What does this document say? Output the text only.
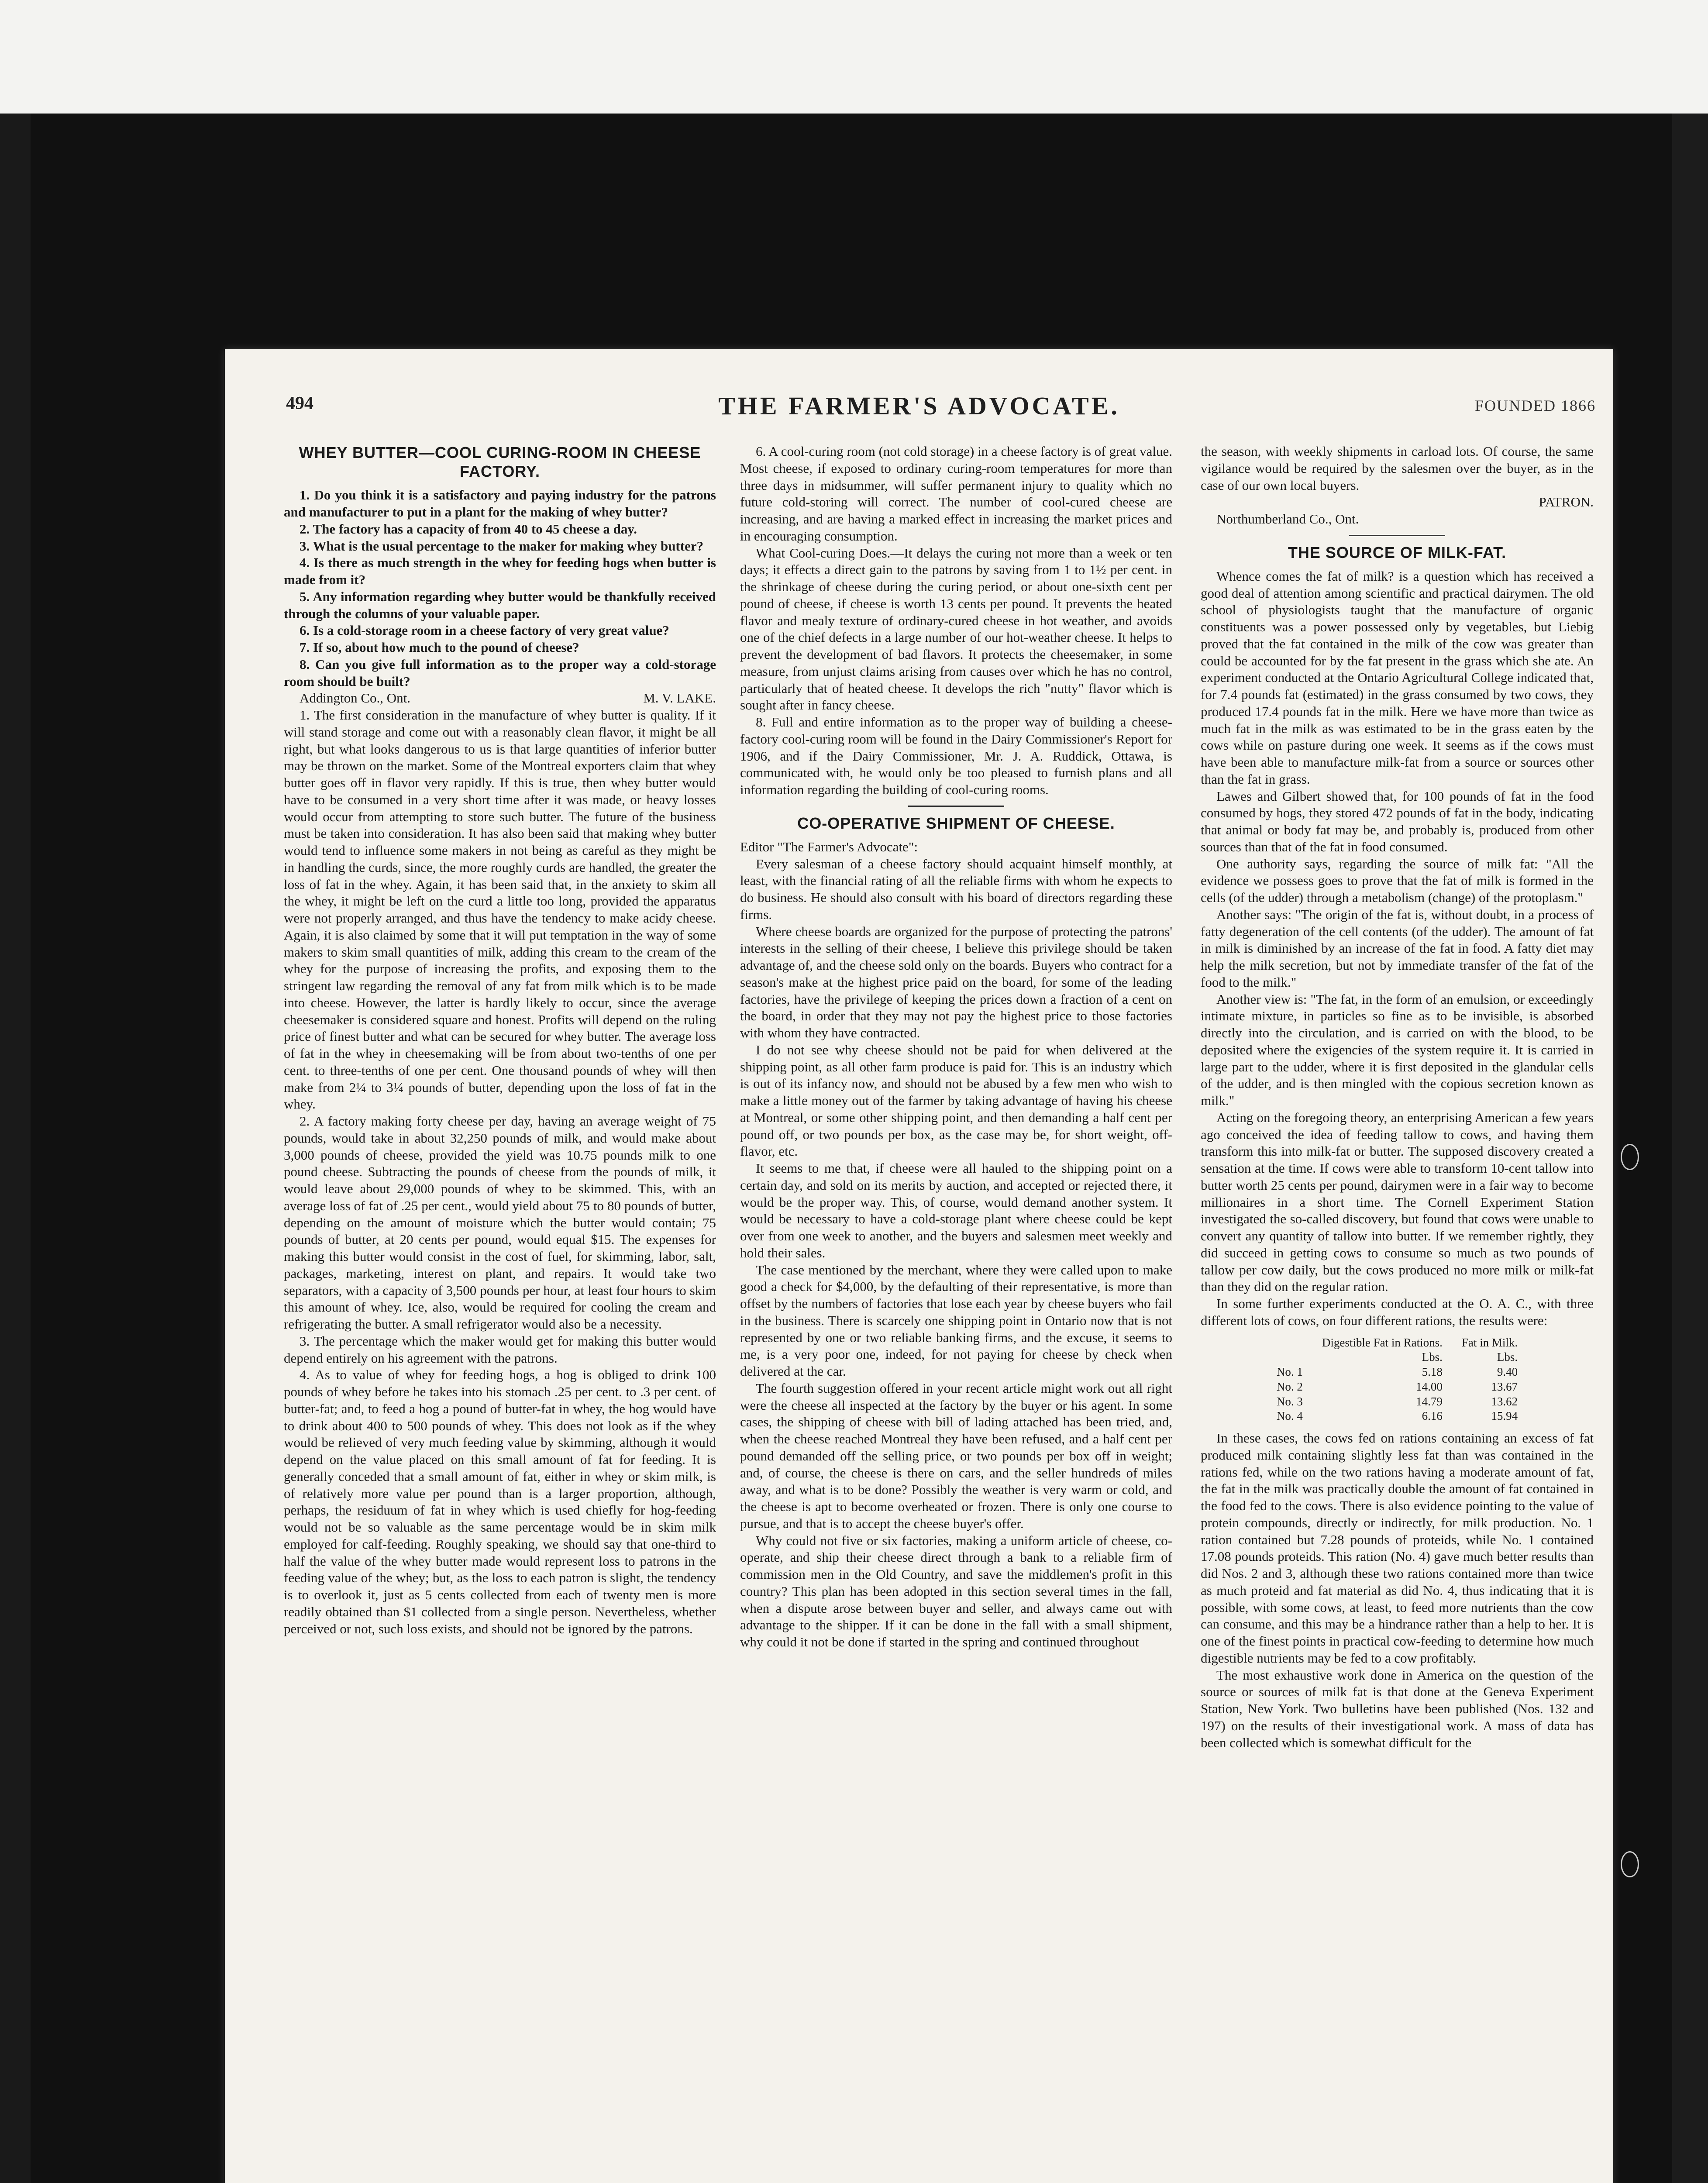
494	THE FARMER'S ADVOCATE.	FOUNDED 1866
WHEY BUTTER—COOL CURING-ROOM IN CHEESE FACTORY.

1. Do you think it is a satisfactory and paying industry for the patrons and manufacturer to put in a plant for the making of whey butter?

2. The factory has a capacity of from 40 to 45 cheese a day.

3. What is the usual percentage to the maker for making whey butter?

4. Is there as much strength in the whey for feeding hogs when butter is made from it?

5. Any information regarding whey butter would be thankfully received through the columns of your valuable paper.

6. Is a cold-storage room in a cheese factory of very great value?

7. If so, about how much to the pound of cheese?

8. Can you give full information as to the proper way a cold-storage room should be built?

Addington Co., Ont.	M. V. LAKE.

1. The first consideration in the manufacture of whey butter is quality. If it will stand storage and come out with a reasonably clean flavor, it might be all right, but what looks dangerous to us is that large quantities of inferior butter may be thrown on the market. Some of the Montreal exporters claim that whey butter goes off in flavor very rapidly. If this is true, then whey butter would have to be consumed in a very short time after it was made, or heavy losses would occur from attempting to store such butter. The future of the business must be taken into consideration. It has also been said that making whey butter would tend to influence some makers in not being as careful as they might be in handling the curds, since, the more roughly curds are handled, the greater the loss of fat in the whey. Again, it has been said that, in the anxiety to skim all the whey, it might be left on the curd a little too long, provided the apparatus were not properly arranged, and thus have the tendency to make acidy cheese. Again, it is also claimed by some that it will put temptation in the way of some makers to skim small quantities of milk, adding this cream to the cream of the whey for the purpose of increasing the profits, and exposing them to the stringent law regarding the removal of any fat from milk which is to be made into cheese. However, the latter is hardly likely to occur, since the average cheesemaker is considered square and honest. Profits will depend on the ruling price of finest butter and what can be secured for whey butter. The average loss of fat in the whey in cheesemaking will be from about two-tenths of one per cent. to three-tenths of one per cent. One thousand pounds of whey will then make from 2¼ to 3¼ pounds of butter, depending upon the loss of fat in the whey.

2. A factory making forty cheese per day, having an average weight of 75 pounds, would take in about 32,250 pounds of milk, and would make about 3,000 pounds of cheese, provided the yield was 10.75 pounds milk to one pound cheese. Subtracting the pounds of cheese from the pounds of milk, it would leave about 29,000 pounds of whey to be skimmed. This, with an average loss of fat of .25 per cent., would yield about 75 to 80 pounds of butter, depending on the amount of moisture which the butter would contain; 75 pounds of butter, at 20 cents per pound, would equal $15. The expenses for making this butter would consist in the cost of fuel, for skimming, labor, salt, packages, marketing, interest on plant, and repairs. It would take two separators, with a capacity of 3,500 pounds per hour, at least four hours to skim this amount of whey. Ice, also, would be required for cooling the cream and refrigerating the butter. A small refrigerator would also be a necessity.

3. The percentage which the maker would get for making this butter would depend entirely on his agreement with the patrons.

4. As to value of whey for feeding hogs, a hog is obliged to drink 100 pounds of whey before he takes into his stomach .25 per cent. to .3 per cent. of butter-fat; and, to feed a hog a pound of butter-fat in whey, the hog would have to drink about 400 to 500 pounds of whey. This does not look as if the whey would be relieved of very much feeding value by skimming, although it would depend on the value placed on this small amount of fat for feeding. It is generally conceded that a small amount of fat, either in whey or skim milk, is of relatively more value per pound than is a larger proportion, although, perhaps, the residuum of fat in whey which is used chiefly for hog-feeding would not be so valuable as the same percentage would be in skim milk employed for calf-feeding. Roughly speaking, we should say that one-third to half the value of the whey butter made would represent loss to patrons in the feeding value of the whey; but, as the loss to each patron is slight, the tendency is to overlook it, just as 5 cents collected from each of twenty men is more readily obtained than $1 collected from a single person. Nevertheless, whether perceived or not, such loss exists, and should not be ignored by the patrons.

6. A cool-curing room (not cold storage) in a cheese factory is of great value. Most cheese, if exposed to ordinary curing-room temperatures for more than three days in midsummer, will suffer permanent injury to quality which no future cold-storing will correct. The number of cool-cured cheese are increasing, and are having a marked effect in increasing the market prices and in encouraging consumption.

What Cool-curing Does.—It delays the curing not more than a week or ten days; it effects a direct gain to the patrons by saving from 1 to 1½ per cent. in the shrinkage of cheese during the curing period, or about one-sixth cent per pound of cheese, if cheese is worth 13 cents per pound. It prevents the heated flavor and mealy texture of ordinary-cured cheese in hot weather, and avoids one of the chief defects in a large number of our hot-weather cheese. It helps to prevent the development of bad flavors. It protects the cheesemaker, in some measure, from unjust claims arising from causes over which he has no control, particularly that of heated cheese. It develops the rich "nutty" flavor which is sought after in fancy cheese.

8. Full and entire information as to the proper way of building a cheese-factory cool-curing room will be found in the Dairy Commissioner's Report for 1906, and if the Dairy Commissioner, Mr. J. A. Ruddick, Ottawa, is communicated with, he would only be too pleased to furnish plans and all information regarding the building of cool-curing rooms.

CO-OPERATIVE SHIPMENT OF CHEESE.

Editor "The Farmer's Advocate":

Every salesman of a cheese factory should acquaint himself monthly, at least, with the financial rating of all the reliable firms with whom he expects to do business. He should also consult with his board of directors regarding these firms.

Where cheese boards are organized for the purpose of protecting the patrons' interests in the selling of their cheese, I believe this privilege should be taken advantage of, and the cheese sold only on the boards. Buyers who contract for a season's make at the highest price paid on the board, for some of the leading factories, have the privilege of keeping the prices down a fraction of a cent on the board, in order that they may not pay the highest price to those factories with whom they have contracted.

I do not see why cheese should not be paid for when delivered at the shipping point, as all other farm produce is paid for. This is an industry which is out of its infancy now, and should not be abused by a few men who wish to make a little money out of the farmer by taking advantage of having his cheese at Montreal, or some other shipping point, and then demanding a half cent per pound off, or two pounds per box, as the case may be, for short weight, off-flavor, etc.

It seems to me that, if cheese were all hauled to the shipping point on a certain day, and sold on its merits by auction, and accepted or rejected there, it would be the proper way. This, of course, would demand another system. It would be necessary to have a cold-storage plant where cheese could be kept over from one week to another, and the buyers and salesmen meet weekly and hold their sales.

The case mentioned by the merchant, where they were called upon to make good a check for $4,000, by the defaulting of their representative, is more than offset by the numbers of factories that lose each year by cheese buyers who fail in the business. There is scarcely one shipping point in Ontario now that is not represented by one or two reliable banking firms, and the excuse, it seems to me, is a very poor one, indeed, for not paying for cheese by check when delivered at the car.

The fourth suggestion offered in your recent article might work out all right were the cheese all inspected at the factory by the buyer or his agent. In some cases, the shipping of cheese with bill of lading attached has been tried, and, when the cheese reached Montreal they have been refused, and a half cent per pound demanded off the selling price, or two pounds per box off in weight; and, of course, the cheese is there on cars, and the seller hundreds of miles away, and what is to be done? Possibly the weather is very warm or cold, and the cheese is apt to become overheated or frozen. There is only one course to pursue, and that is to accept the cheese buyer's offer.

Why could not five or six factories, making a uniform article of cheese, co-operate, and ship their cheese direct through a bank to a reliable firm of commission men in the Old Country, and save the middlemen's profit in this country? This plan has been adopted in this section several times in the fall, when a dispute arose between buyer and seller, and always came out with advantage to the shipper. If it can be done in the fall with a small shipment, why could it not be done if started in the spring and continued throughout

the season, with weekly shipments in carload lots. Of course, the same vigilance would be required by the salesmen over the buyer, as in the case of our own local buyers.

PATRON.

Northumberland Co., Ont.

THE SOURCE OF MILK-FAT.

Whence comes the fat of milk? is a question which has received a good deal of attention among scientific and practical dairymen. The old school of physiologists taught that the manufacture of organic constituents was a power possessed only by vegetables, but Liebig proved that the fat contained in the milk of the cow was greater than could be accounted for by the fat present in the grass which she ate. An experiment conducted at the Ontario Agricultural College indicated that, for 7.4 pounds fat (estimated) in the grass consumed by two cows, they produced 17.4 pounds fat in the milk. Here we have more than twice as much fat in the milk as was estimated to be in the grass eaten by the cows while on pasture during one week. It seems as if the cows must have been able to manufacture milk-fat from a source or sources other than the fat in grass.

Lawes and Gilbert showed that, for 100 pounds of fat in the food consumed by hogs, they stored 472 pounds of fat in the body, indicating that animal or body fat may be, and probably is, produced from other sources than that of the fat in food consumed.

One authority says, regarding the source of milk fat: "All the evidence we possess goes to prove that the fat of milk is formed in the cells (of the udder) through a metabolism (change) of the protoplasm."

Another says: "The origin of the fat is, without doubt, in a process of fatty degeneration of the cell contents (of the udder). The amount of fat in milk is diminished by an increase of the fat in food. A fatty diet may help the milk secretion, but not by immediate transfer of the fat of the food to the milk."

Another view is: "The fat, in the form of an emulsion, or exceedingly intimate mixture, in particles so fine as to be invisible, is absorbed directly into the circulation, and is carried on with the blood, to be deposited where the exigencies of the system require it. It is carried in large part to the udder, where it is first deposited in the glandular cells of the udder, and is then mingled with the copious secretion known as milk."

Acting on the foregoing theory, an enterprising American a few years ago conceived the idea of feeding tallow to cows, and having them transform this into milk-fat or butter. The supposed discovery created a sensation at the time. If cows were able to transform 10-cent tallow into butter worth 25 cents per pound, dairymen were in a fair way to become millionaires in a short time. The Cornell Experiment Station investigated the so-called discovery, but found that cows were unable to convert any quantity of tallow into butter. If we remember rightly, they did succeed in getting cows to consume so much as two pounds of tallow per cow daily, but the cows produced no more milk or milk-fat than they did on the regular ration.

In some further experiments conducted at the O. A. C., with three different lots of cows, on four different rations, the results were:

	Digestible Fat in Rations.	Fat in Milk.
	Lbs.	Lbs.
No. 1	5.18	9.40
No. 2	14.00	13.67
No. 3	14.79	13.62
No. 4	6.16	15.94

In these cases, the cows fed on rations containing an excess of fat produced milk containing slightly less fat than was contained in the rations fed, while on the two rations having a moderate amount of fat, the fat in the milk was practically double the amount of fat contained in the food fed to the cows. There is also evidence pointing to the value of protein compounds, directly or indirectly, for milk production. No. 1 ration contained but 7.28 pounds of proteids, while No. 1 contained 17.08 pounds proteids. This ration (No. 4) gave much better results than did Nos. 2 and 3, although these two rations contained more than twice as much proteid and fat material as did No. 4, thus indicating that it is possible, with some cows, at least, to feed more nutrients than the cow can consume, and this may be a hindrance rather than a help to her. It is one of the finest points in practical cow-feeding to determine how much digestible nutrients may be fed to a cow profitably.

The most exhaustive work done in America on the question of the source or sources of milk fat is that done at the Geneva Experiment Station, New York. Two bulletins have been published (Nos. 132 and 197) on the results of their investigational work. A mass of data has been collected which is somewhat difficult for the
